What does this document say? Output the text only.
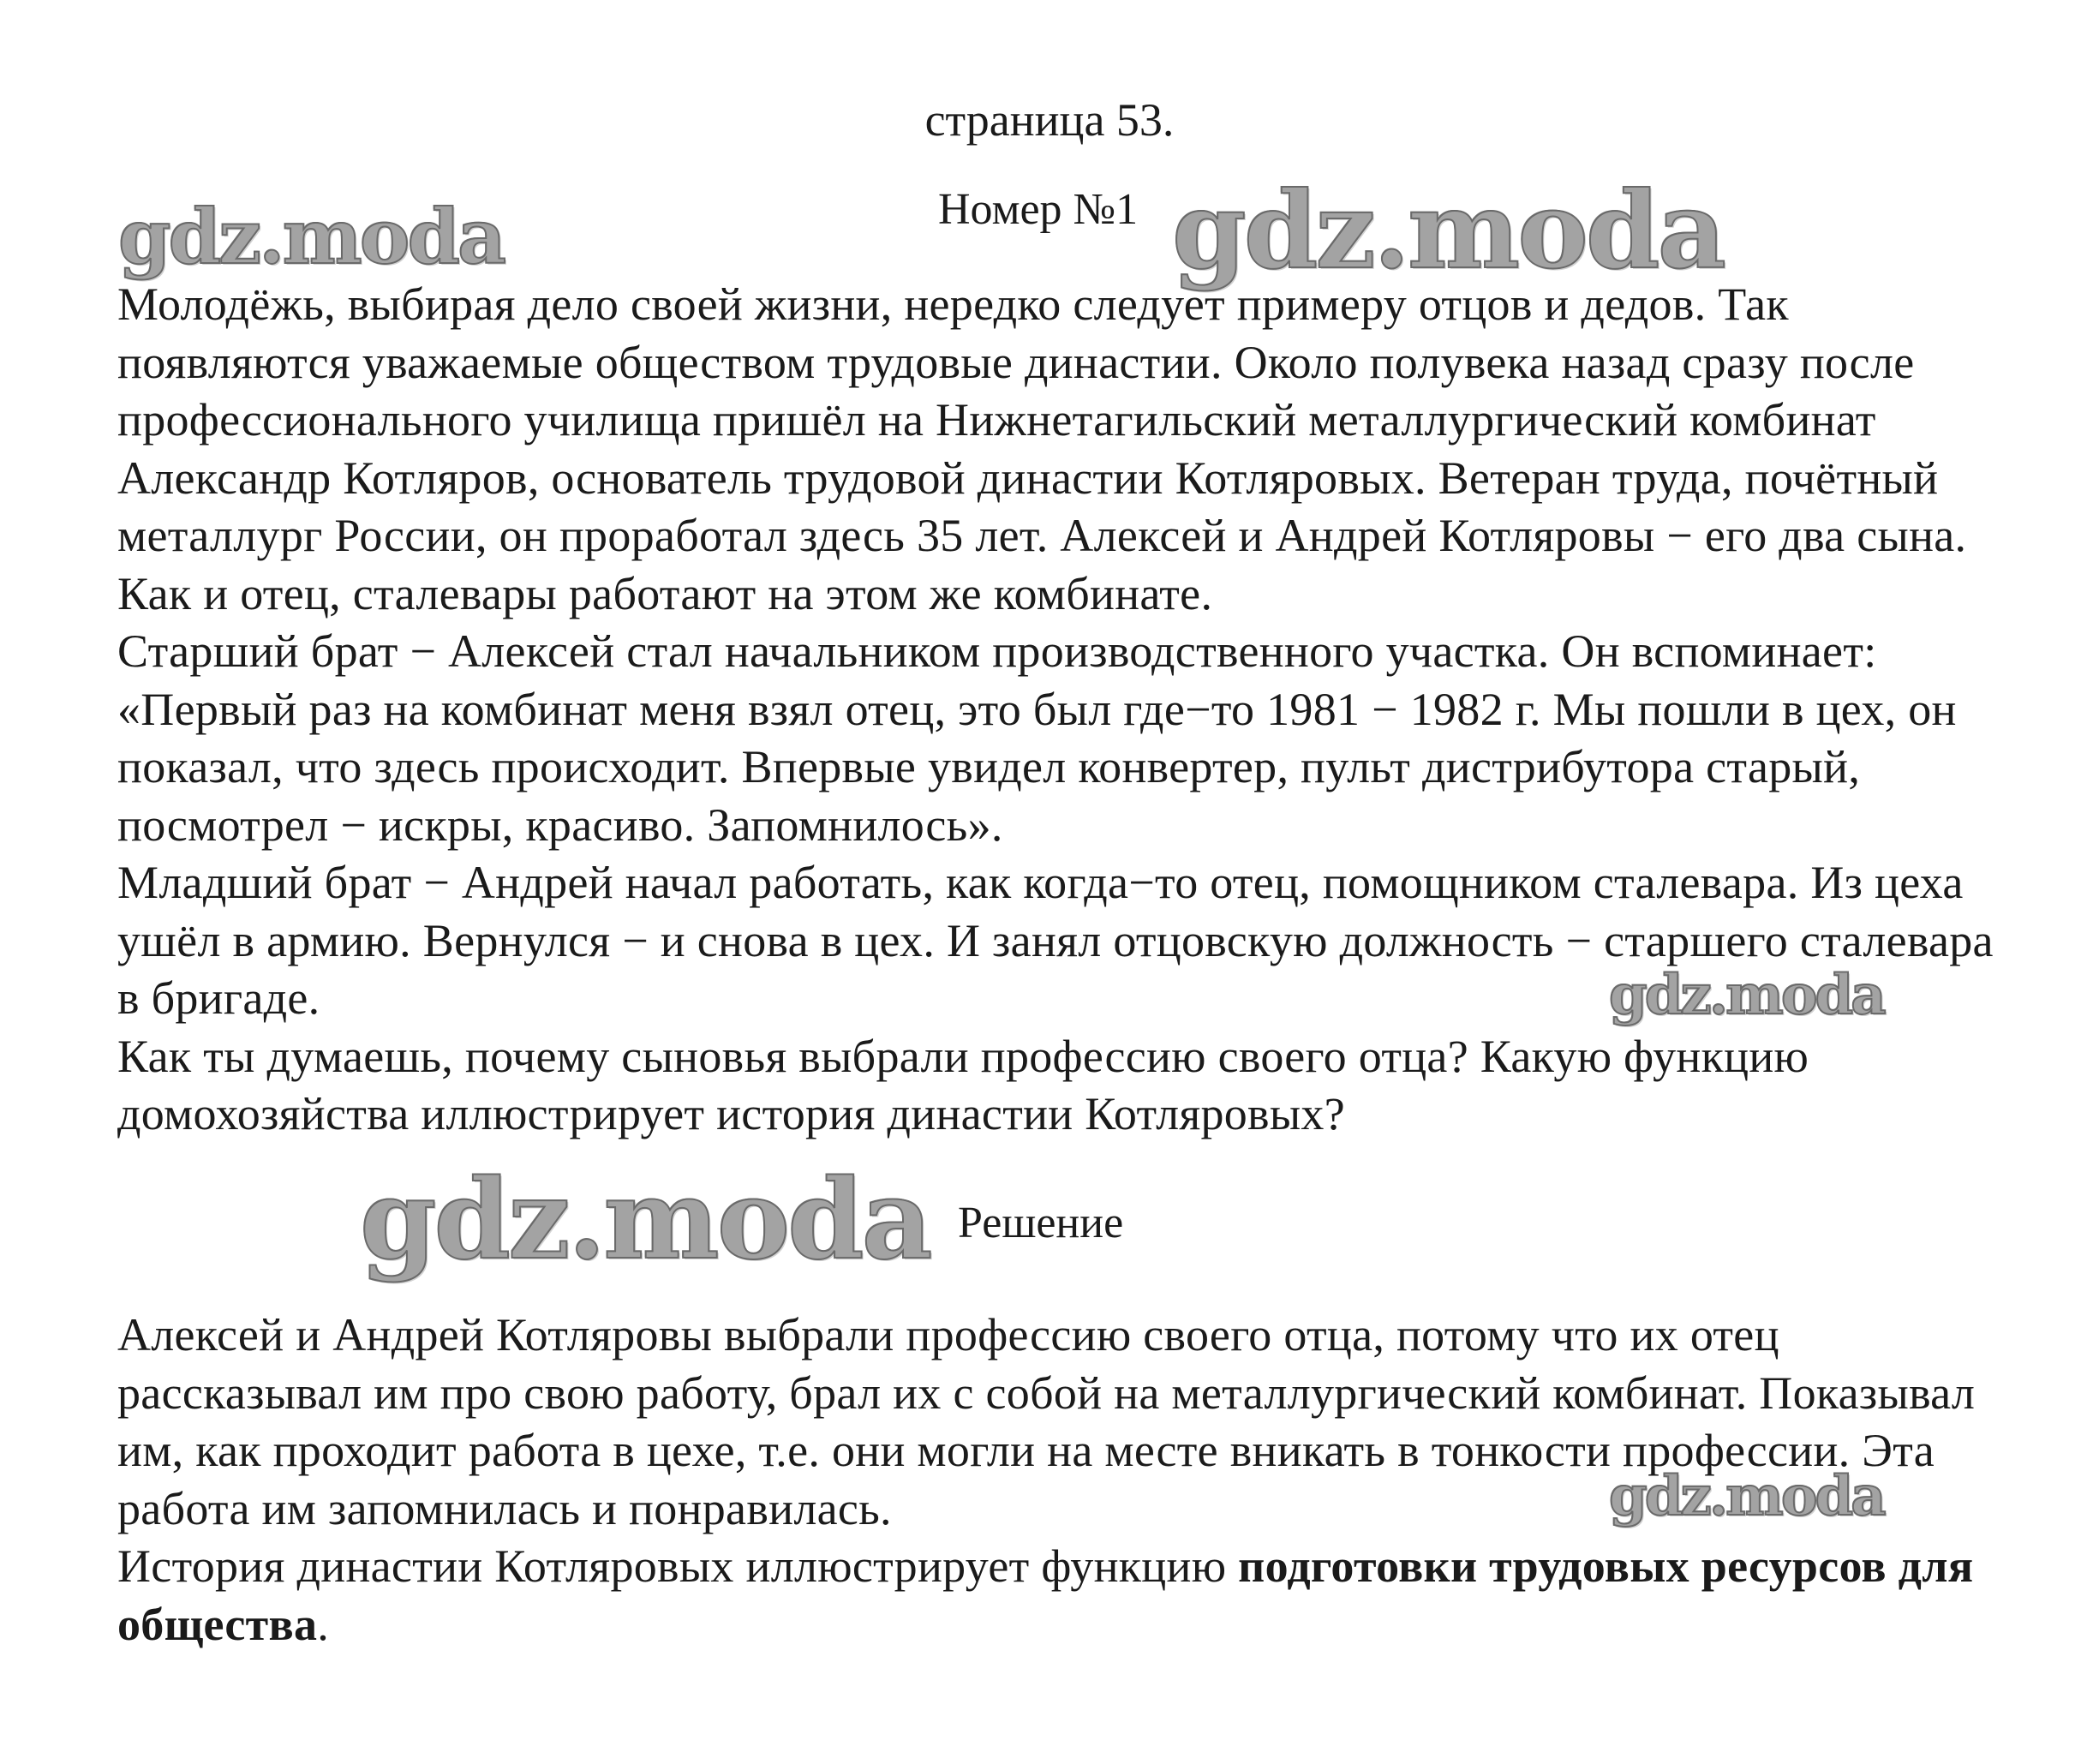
страница 53.
Номер №1

Молодёжь, выбирая дело своей жизни, нередко следует примеру отцов и дедов. Так появляются уважаемые обществом трудовые династии. Около полувека назад сразу после профессионального училища пришёл на Нижнетагильский металлургический комбинат Александр Котляров, основатель трудовой династии Котляровых. Ветеран труда, почётный металлург России, он проработал здесь 35 лет. Алексей и Андрей Котляровы − его два сына. Как и отец, сталевары работают на этом же комбинате.

Старший брат − Алексей стал начальником производственного участка. Он вспоминает: «Первый раз на комбинат меня взял отец, это был где−то 1981 − 1982 г. Мы пошли в цех, он показал, что здесь происходит. Впервые увидел конвертер, пульт дистрибутора старый, посмотрел − искры, красиво. Запомнилось».

Младший брат − Андрей начал работать, как когда−то отец, помощником сталевара. Из цеха ушёл в армию. Вернулся − и снова в цех. И занял отцовскую должность − старшего сталевара в бригаде.

Как ты думаешь, почему сыновья выбрали профессию своего отца? Какую функцию домохозяйства иллюстрирует история династии Котляровых?

Решение

Алексей и Андрей Котляровы выбрали профессию своего отца, потому что их отец рассказывал им про свою работу, брал их с собой на металлургический комбинат. Показывал им, как проходит работа в цехе, т.е. они могли на месте вникать в тонкости профессии. Эта работа им запомнилась и понравилась.

История династии Котляровых иллюстрирует функцию подготовки трудовых ресурсов для общества.

gdz.moda	gdz.moda
gdz.moda
gdz.moda
gdz.moda
